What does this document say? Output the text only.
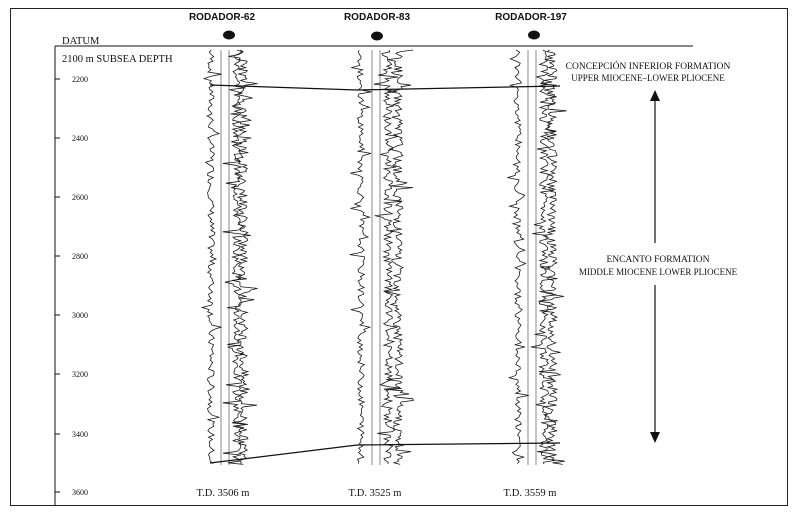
DATUM
2100 m SUBSEA DEPTH
2200
2400
2600
2800
3000
3200
3400
3600
RODADOR-62	RODADOR-83	RODADOR-197
CONCEPCIÓN INFERIOR FORMATION
UPPER MIOCENE–LOWER PLIOCENE
ENCANTO FORMATION
MIDDLE MIOCENE LOWER PLIOCENE
T.D. 3506 m	T.D. 3525 m	T.D. 3559 m
